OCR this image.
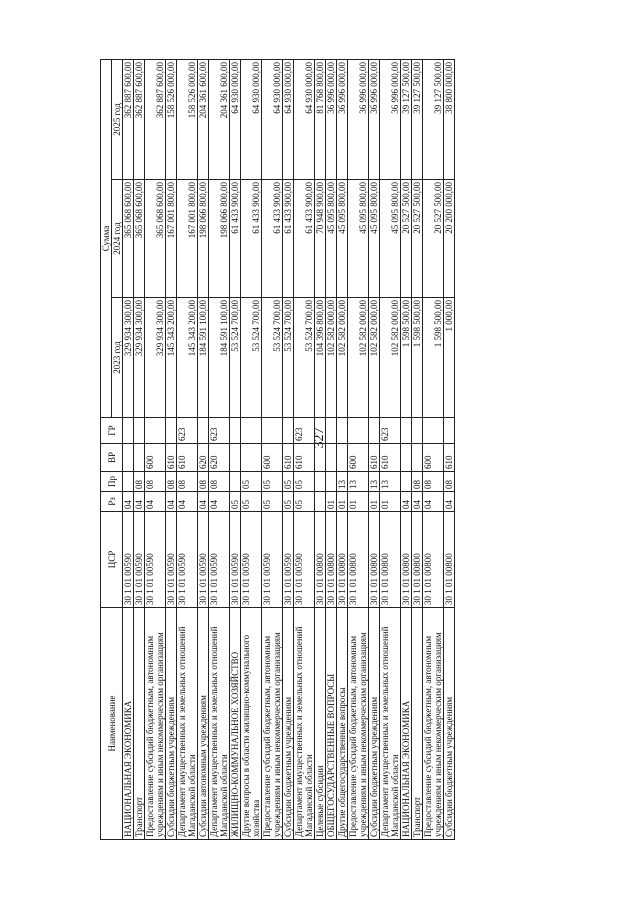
327
Наименование	ЦСР	Рз	Пр	ВР	ГР	Сумма		
						2023 год	2024 год	2025 год
НАЦИОНАЛЬНАЯ ЭКОНОМИКА	30 1 01 00590	04				329 934 300,00	365 068 600,00	362 887 600,00
Транспорт	30 1 01 00590	04	08			329 934 300,00	365 068 600,00	362 887 600,00
Предоставление субсидий бюджетным, автономным учреждениям и иным некоммерческим организациям	30 1 01 00590	04	08	600		329 934 300,00	365 068 600,00	362 887 600,00
Субсидии бюджетным учреждениям	30 1 01 00590	04	08	610		145 343 200,00	167 001 800,00	158 526 000,00
Департамент имущественных и земельных отношений Магаданской области	30 1 01 00590	04	08	610	623	145 343 200,00	167 001 800,00	158 526 000,00
Субсидии автономным учреждениям	30 1 01 00590	04	08	620		184 591 100,00	198 066 800,00	204 361 600,00
Департамент имущественных и земельных отношений Магаданской области	30 1 01 00590	04	08	620	623	184 591 100,00	198 066 800,00	204 361 600,00
ЖИЛИЩНО-КОММУНАЛЬНОЕ ХОЗЯЙСТВО	30 1 01 00590	05				53 524 700,00	61 433 900,00	64 930 000,00
Другие вопросы в области жилищно-коммунального хозяйства	30 1 01 00590	05	05			53 524 700,00	61 433 900,00	64 930 000,00
Предоставление субсидий бюджетным, автономным учреждениям и иным некоммерческим организациям	30 1 01 00590	05	05	600		53 524 700,00	61 433 900,00	64 930 000,00
Субсидии бюджетным учреждениям	30 1 01 00590	05	05	610		53 524 700,00	61 433 900,00	64 930 000,00
Департамент имущественных и земельных отношений Магаданской области	30 1 01 00590	05	05	610	623	53 524 700,00	61 433 900,00	64 930 000,00
Целевые субсидии	30 1 01 00800					104 396 800,00	70 948 900,00	81 768 800,00
ОБЩЕГОСУДАРСТВЕННЫЕ ВОПРОСЫ	30 1 01 00800	01				102 582 000,00	45 095 800,00	36 996 000,00
Другие общегосударственные вопросы	30 1 01 00800	01	13			102 582 000,00	45 095 800,00	36 996 000,00
Предоставление субсидий бюджетным, автономным учреждениям и иным некоммерческим организациям	30 1 01 00800	01	13	600		102 582 000,00	45 095 800,00	36 996 000,00
Субсидии бюджетным учреждениям	30 1 01 00800	01	13	610		102 582 000,00	45 095 800,00	36 996 000,00
Департамент имущественных и земельных отношений Магаданской области	30 1 01 00800	01	13	610	623	102 582 000,00	45 095 800,00	36 996 000,00
НАЦИОНАЛЬНАЯ ЭКОНОМИКА	30 1 01 00800	04				1 598 500,00	20 527 500,00	39 127 500,00
Транспорт	30 1 01 00800	04	08			1 598 500,00	20 527 500,00	39 127 500,00
Предоставление субсидий бюджетным, автономным учреждениям и иным некоммерческим организациям	30 1 01 00800	04	08	600		1 598 500,00	20 527 500,00	39 127 500,00
Субсидии бюджетным учреждениям	30 1 01 00800	04	08	610		1 000,00	20 200 000,00	38 800 000,00
